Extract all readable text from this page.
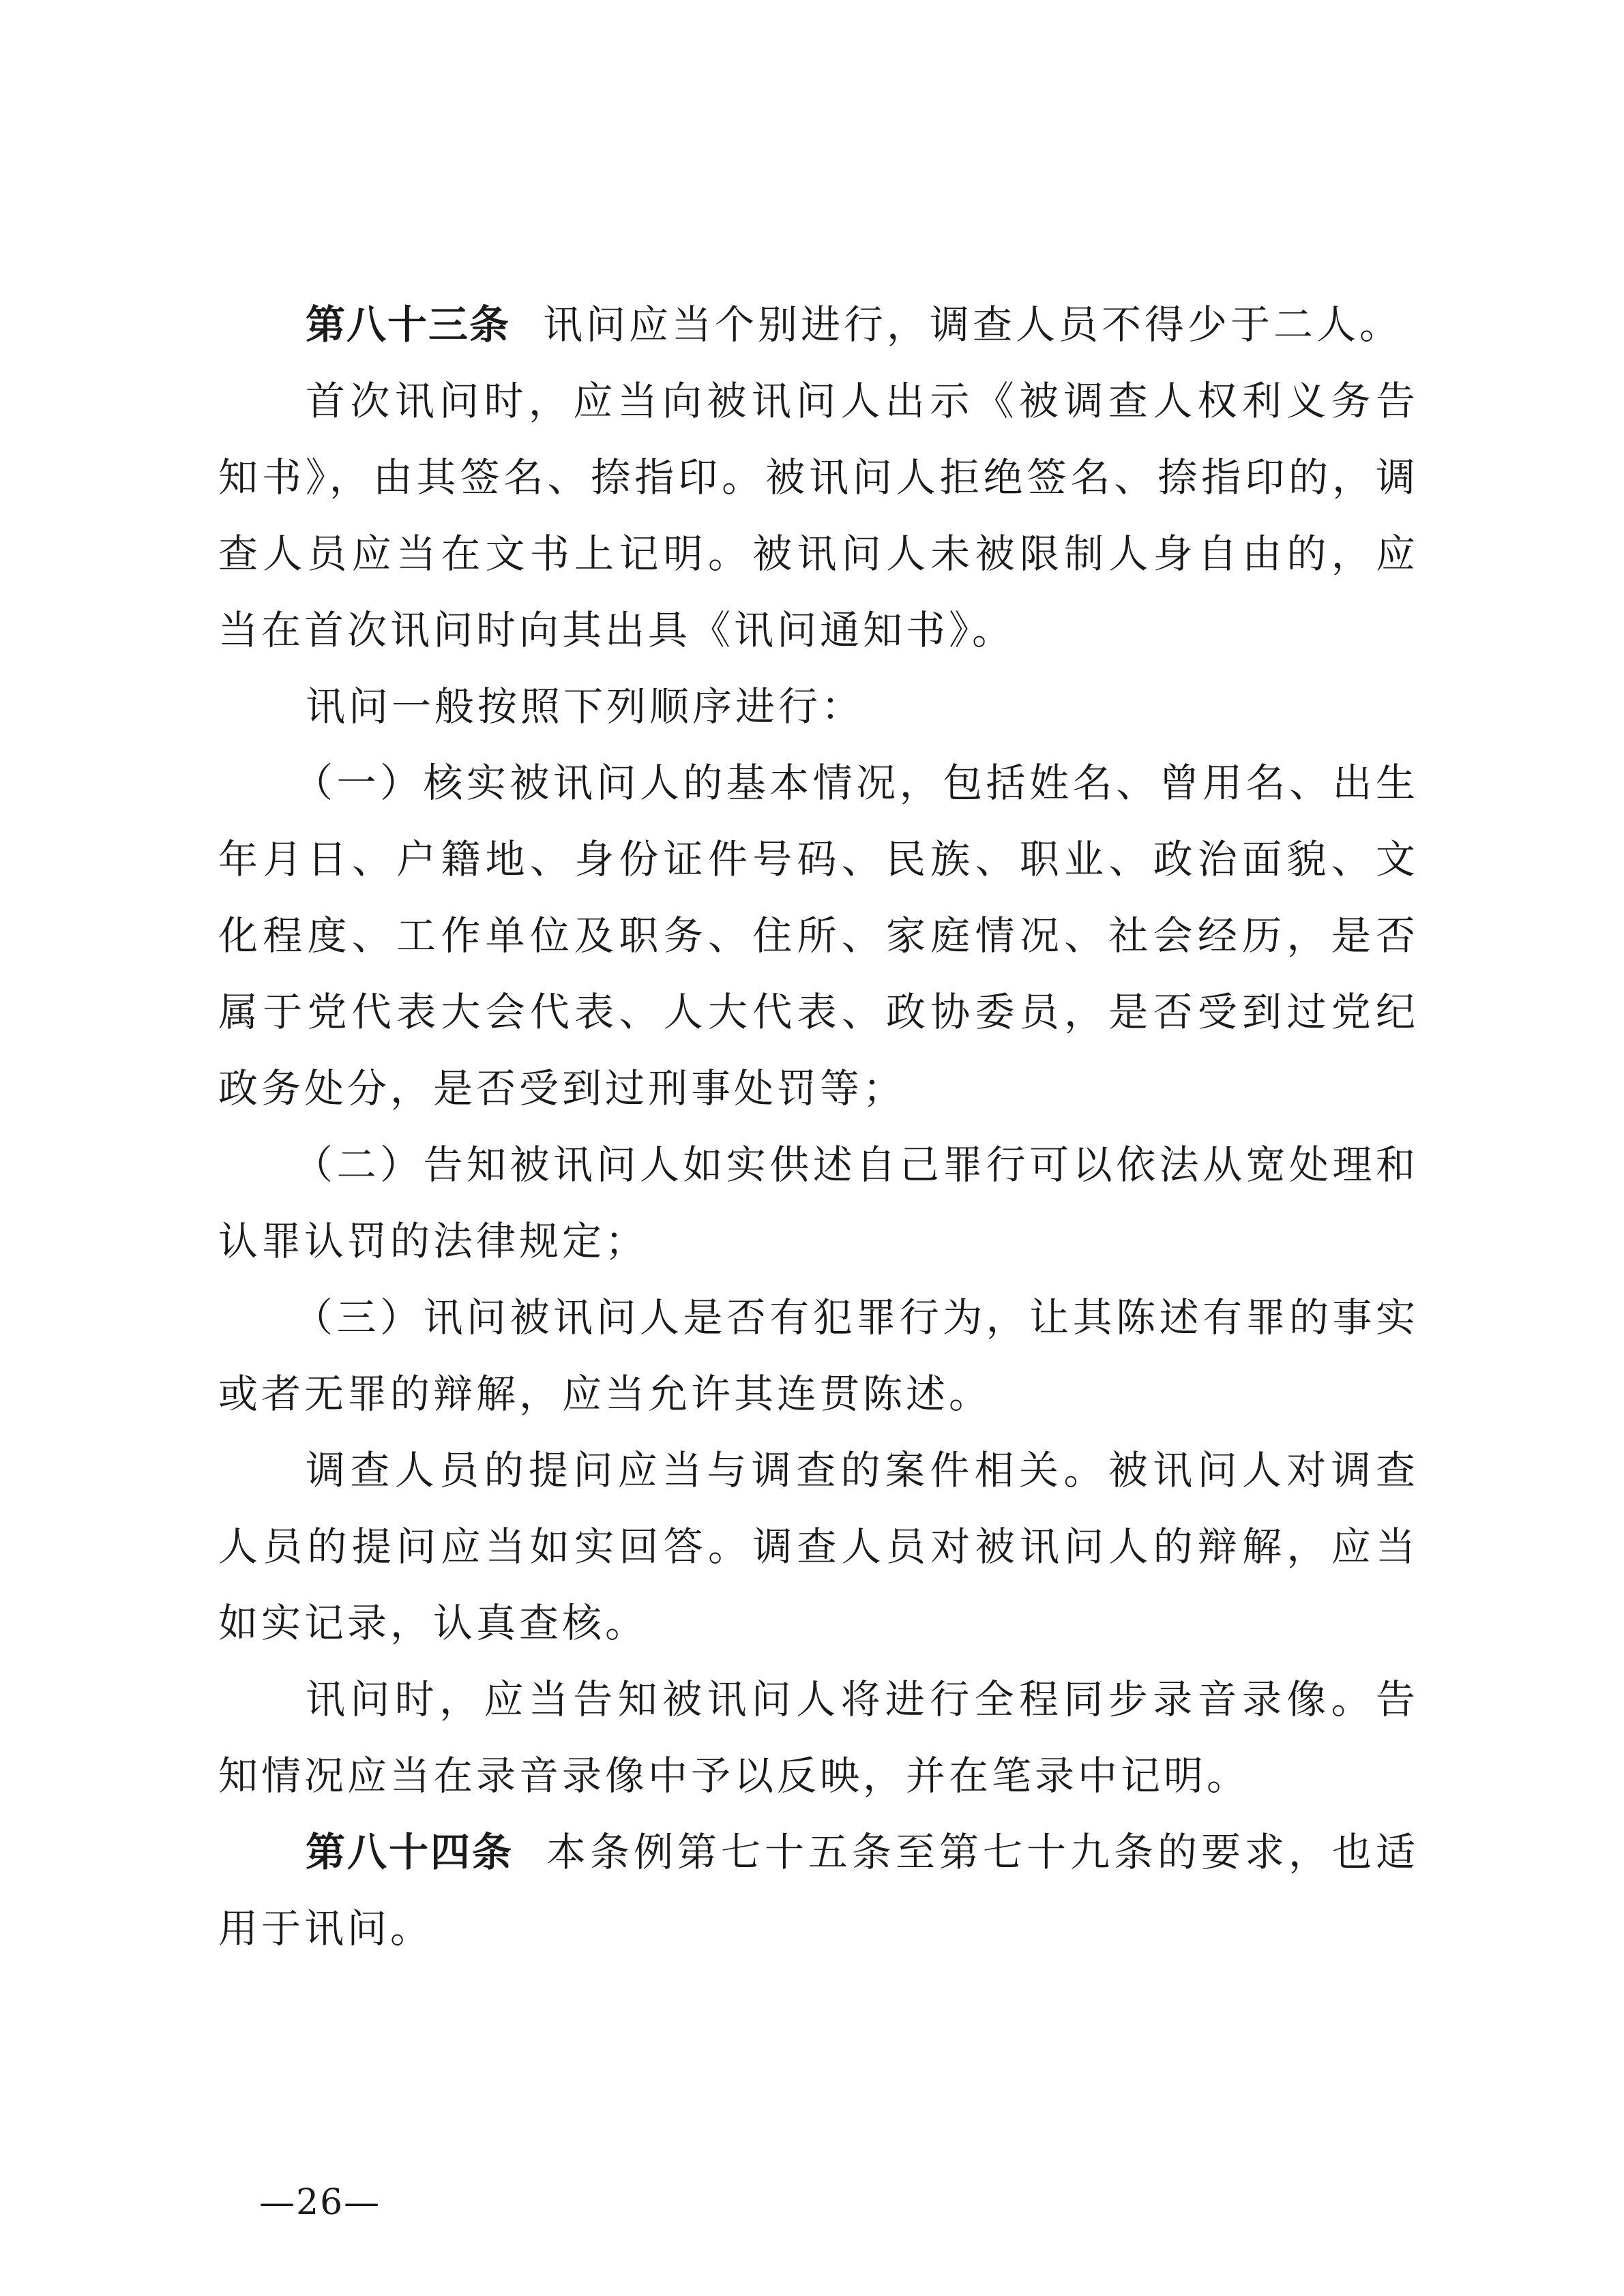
第八十三条 讯问应当个别进行，调查人员不得少于二人。

首次讯问时，应当向被讯问人出示《被调查人权利义务告知书》，由其签名、捺指印。被讯问人拒绝签名、捺指印的，调查人员应当在文书上记明。被讯问人未被限制人身自由的，应当在首次讯问时向其出具《讯问通知书》。

讯问一般按照下列顺序进行：

（一）核实被讯问人的基本情况，包括姓名、曾用名、出生年月日、户籍地、身份证件号码、民族、职业、政治面貌、文化程度、工作单位及职务、住所、家庭情况、社会经历，是否属于党代表大会代表、人大代表、政协委员，是否受到过党纪政务处分，是否受到过刑事处罚等；

（二）告知被讯问人如实供述自己罪行可以依法从宽处理和认罪认罚的法律规定；

（三）讯问被讯问人是否有犯罪行为，让其陈述有罪的事实或者无罪的辩解，应当允许其连贯陈述。

调查人员的提问应当与调查的案件相关。被讯问人对调查人员的提问应当如实回答。调查人员对被讯问人的辩解，应当如实记录，认真查核。

讯问时，应当告知被讯问人将进行全程同步录音录像。告知情况应当在录音录像中予以反映，并在笔录中记明。

第八十四条 本条例第七十五条至第七十九条的要求，也适用于讯问。

—26—
